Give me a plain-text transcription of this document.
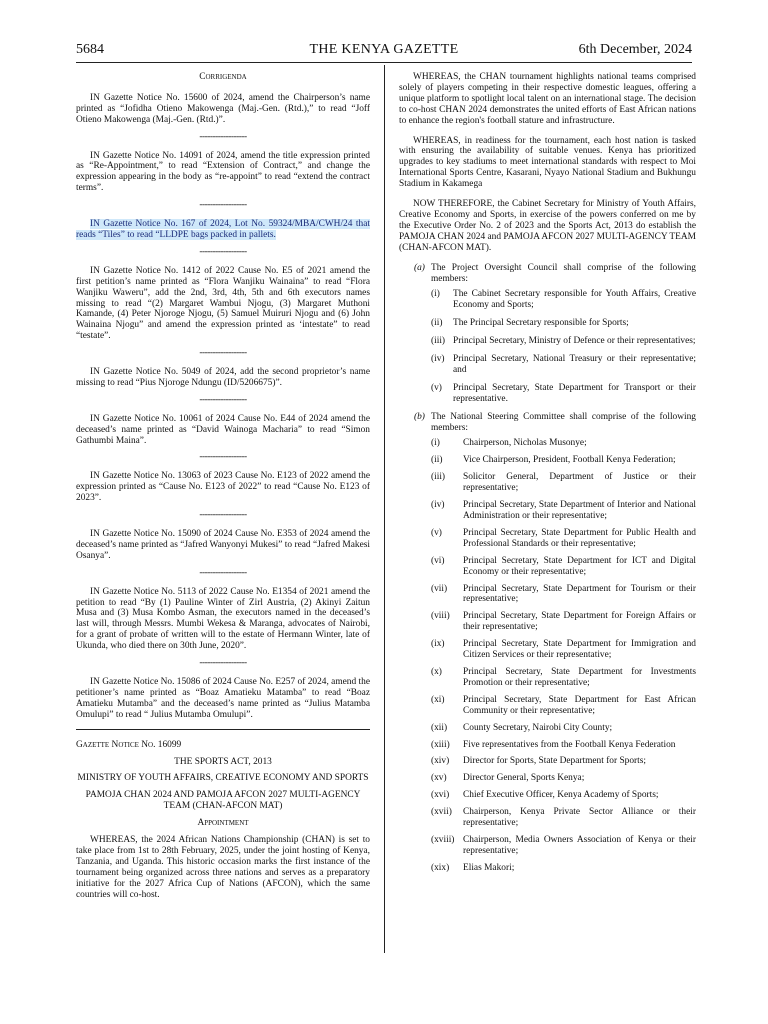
5684	THE KENYA GAZETTE	6th December, 2024

Corrigenda

IN Gazette Notice No. 15600 of 2024, amend the Chairperson’s name printed as “Jofidha Otieno Makowenga (Maj.-Gen. (Rtd.),” to read “Joff Otieno Makowenga (Maj.-Gen. (Rtd.)”.

------------------

IN Gazette Notice No. 14091 of 2024, amend the title expression printed as “Re-Appointment,” to read “Extension of Contract,” and change the expression appearing in the body as “re-appoint” to read “extend the contract terms”.

------------------

IN Gazette Notice No. 167 of 2024, Lot No. 59324/MBA/CWH/24 that reads “Tiles” to read “LLDPE bags packed in pallets.

------------------

IN Gazette Notice No. 1412 of 2022 Cause No. E5 of 2021 amend the first petition’s name printed as “Flora Wanjiku Wainaina” to read “Flora Wanjiku Waweru”, add the 2nd, 3rd, 4th, 5th and 6th executors names missing to read “(2) Margaret Wambui Njogu, (3) Margaret Muthoni Kamande, (4) Peter Njoroge Njogu, (5) Samuel Muiruri Njogu and (6) John Wainaina Njogu” and amend the expression printed as ‘intestate” to read “testate”.

------------------

IN Gazette Notice No. 5049 of 2024, add the second proprietor’s name missing to read “Pius Njoroge Ndungu (ID/5206675)”.

------------------

IN Gazette Notice No. 10061 of 2024 Cause No. E44 of 2024 amend the deceased’s name printed as “David Wainoga Macharia” to read “Simon Gathumbi Maina”.

------------------

IN Gazette Notice No. 13063 of 2023 Cause No. E123 of 2022 amend the expression printed as “Cause No. E123 of 2022” to read “Cause No. E123 of 2023”.

------------------

IN Gazette Notice No. 15090 of 2024 Cause No. E353 of 2024 amend the deceased’s name printed as “Jafred Wanyonyi Mukesi” to read “Jafred Makesi Osanya”.

------------------

IN Gazette Notice No. 5113 of 2022 Cause No. E1354 of 2021 amend the petition to read “By (1) Pauline Winter of Zirl Austria, (2) Akinyi Zaitun Musa and (3) Musa Kombo Asman, the executors named in the deceased’s last will, through Messrs. Mumbi Wekesa & Maranga, advocates of Nairobi, for a grant of probate of written will to the estate of Hermann Winter, late of Ukunda, who died there on 30th June, 2020”.

------------------

IN Gazette Notice No. 15086 of 2024 Cause No. E257 of 2024, amend the petitioner’s name printed as “Boaz Amatieku Matamba” to read “Boaz Amatieku Mutamba” and the deceased’s name printed as “Julius Matamba Omulupi” to read “ Julius Mutamba Omulupi”.

Gazette Notice No. 16099

THE SPORTS ACT, 2013

MINISTRY OF YOUTH AFFAIRS, CREATIVE ECONOMY AND SPORTS

PAMOJA CHAN 2024 AND PAMOJA AFCON 2027 MULTI-AGENCY TEAM (CHAN-AFCON MAT)

Appointment

WHEREAS, the 2024 African Nations Championship (CHAN) is set to take place from 1st to 28th February, 2025, under the joint hosting of Kenya, Tanzania, and Uganda. This historic occasion marks the first instance of the tournament being organized across three nations and serves as a preparatory initiative for the 2027 Africa Cup of Nations (AFCON), which the same countries will co-host.

WHEREAS, the CHAN tournament highlights national teams comprised solely of players competing in their respective domestic leagues, offering a unique platform to spotlight local talent on an international stage. The decision to co-host CHAN 2024 demonstrates the united efforts of East African nations to enhance the region's football stature and infrastructure.

WHEREAS, in readiness for the tournament, each host nation is tasked with ensuring the availability of suitable venues. Kenya has prioritized upgrades to key stadiums to meet international standards with respect to Moi International Sports Centre, Kasarani, Nyayo National Stadium and Bukhungu Stadium in Kakamega

NOW THEREFORE, the Cabinet Secretary for Ministry of Youth Affairs, Creative Economy and Sports, in exercise of the powers conferred on me by the Executive Order No. 2 of 2023 and the Sports Act, 2013 do establish the PAMOJA CHAN 2024 and PAMOJA AFCON 2027 MULTI-AGENCY TEAM (CHAN-AFCON MAT).

(a) The Project Oversight Council shall comprise of the following members:
(i) The Cabinet Secretary responsible for Youth Affairs, Creative Economy and Sports;
(ii) The Principal Secretary responsible for Sports;
(iii) Principal Secretary, Ministry of Defence or their representatives;
(iv) Principal Secretary, National Treasury or their representative; and
(v) Principal Secretary, State Department for Transport or their representative.
(b) The National Steering Committee shall comprise of the following members:
(i) Chairperson, Nicholas Musonye;
(ii) Vice Chairperson, President, Football Kenya Federation;
(iii) Solicitor General, Department of Justice or their representative;
(iv) Principal Secretary, State Department of Interior and National Administration or their representative;
(v) Principal Secretary, State Department for Public Health and Professional Standards or their representative;
(vi) Principal Secretary, State Department for ICT and Digital Economy or their representative;
(vii) Principal Secretary, State Department for Tourism or their representative;
(viii) Principal Secretary, State Department for Foreign Affairs or their representative;
(ix) Principal Secretary, State Department for Immigration and Citizen Services or their representative;
(x) Principal Secretary, State Department for Investments Promotion or their representative;
(xi) Principal Secretary, State Department for East African Community or their representative;
(xii) County Secretary, Nairobi City County;
(xiii) Five representatives from the Football Kenya Federation
(xiv) Director for Sports, State Department for Sports;
(xv) Director General, Sports Kenya;
(xvi) Chief Executive Officer, Kenya Academy of Sports;
(xvii) Chairperson, Kenya Private Sector Alliance or their representative;
(xviii) Chairperson, Media Owners Association of Kenya or their representative;
(xix) Elias Makori;
